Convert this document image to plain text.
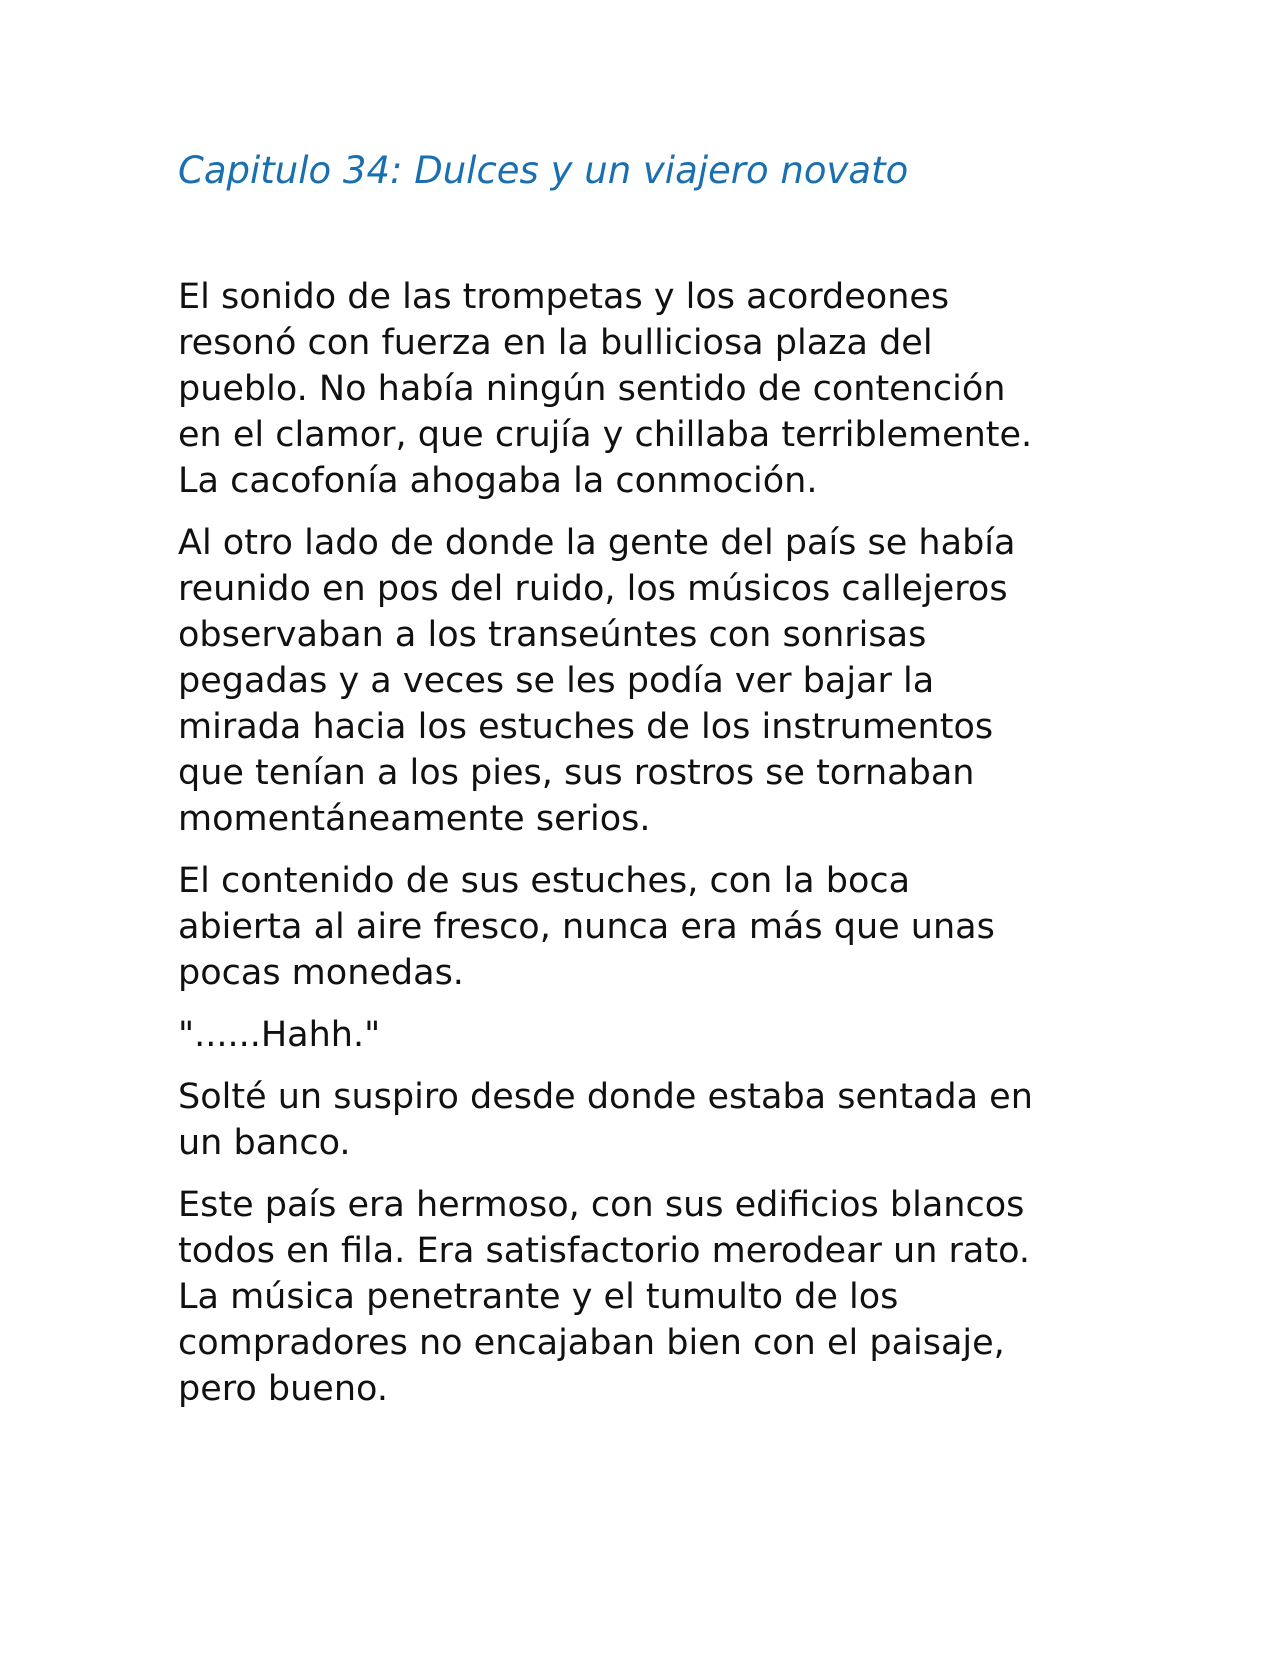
Capitulo 34: Dulces y un viajero novato

El sonido de las trompetas y los acordeones
resonó con fuerza en la bulliciosa plaza del
pueblo. No había ningún sentido de contención
en el clamor, que crujía y chillaba terriblemente.
La cacofonía ahogaba la conmoción.

Al otro lado de donde la gente del país se había
reunido en pos del ruido, los músicos callejeros
observaban a los transeúntes con sonrisas
pegadas y a veces se les podía ver bajar la
mirada hacia los estuches de los instrumentos
que tenían a los pies, sus rostros se tornaban
momentáneamente serios.

El contenido de sus estuches, con la boca
abierta al aire fresco, nunca era más que unas
pocas monedas.

"......Hahh."

Solté un suspiro desde donde estaba sentada en
un banco.

Este país era hermoso, con sus edificios blancos
todos en fila. Era satisfactorio merodear un rato.
La música penetrante y el tumulto de los
compradores no encajaban bien con el paisaje,
pero bueno.
